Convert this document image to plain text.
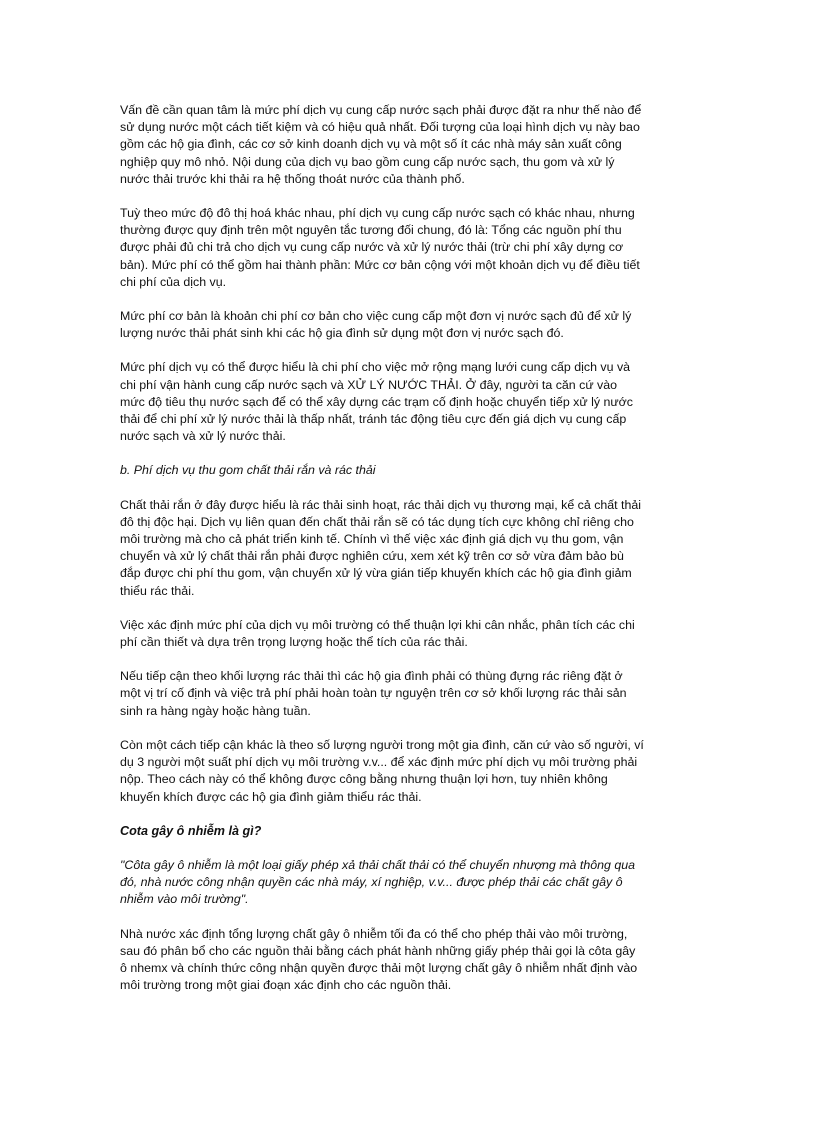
Vấn đề cần quan tâm là mức phí dịch vụ cung cấp nước sạch phải được đặt ra như thế nào để
sử dụng nước một cách tiết kiệm và có hiệu quả nhất. Đối tượng của loại hình dịch vụ này bao
gồm các hộ gia đình, các cơ sở kinh doanh dịch vụ và một số ít các nhà máy sản xuất công
nghiệp quy mô nhỏ. Nội dung của dịch vụ bao gồm cung cấp nước sạch, thu gom và xử lý
nước thải trước khi thải ra hệ thống thoát nước của thành phố.

Tuỳ theo mức độ đô thị hoá khác nhau, phí dịch vụ cung cấp nước sạch có khác nhau, nhưng
thường được quy định trên một nguyên tắc tương đối chung, đó là: Tổng các nguồn phí thu
được phải đủ chi trả cho dịch vụ cung cấp nước và xử lý nước thải (trừ chi phí xây dựng cơ
bản). Mức phí có thể gồm hai thành phần: Mức cơ bản cộng với một khoản dịch vụ để điều tiết
chi phí của dịch vụ.

Mức phí cơ bản là khoản chi phí cơ bản cho việc cung cấp một đơn vị nước sạch đủ để xử lý
lượng nước thải phát sinh khi các hộ gia đình sử dụng một đơn vị nước sạch đó.

Mức phí dịch vụ có thể được hiểu là chi phí cho việc mở rộng mạng lưới cung cấp dịch vụ và
chi phí vận hành cung cấp nước sạch và XỬ LÝ NƯỚC THẢI. Ở đây, người ta căn cứ vào
mức độ tiêu thụ nước sạch để có thể xây dựng các trạm cố định hoặc chuyển tiếp xử lý nước
thải để chi phí xử lý nước thải là thấp nhất, tránh tác động tiêu cực đến giá dịch vụ cung cấp
nước sạch và xử lý nước thải.

b. Phí dịch vụ thu gom chất thải rắn và rác thải

Chất thải rắn ở đây được hiểu là rác thải sinh hoạt, rác thải dịch vụ thương mại, kể cả chất thải
đô thị độc hại. Dịch vụ liên quan đến chất thải rắn sẽ có tác dụng tích cực không chỉ riêng cho
môi trường mà cho cả phát triển kinh tế. Chính vì thế việc xác định giá dịch vụ thu gom, vận
chuyển và xử lý chất thải rắn phải được nghiên cứu, xem xét kỹ trên cơ sở vừa đảm bảo bù
đắp được chi phí thu gom, vận chuyển xử lý vừa gián tiếp khuyến khích các hộ gia đình giảm
thiểu rác thải.

Việc xác định mức phí của dịch vụ môi trường có thể thuận lợi khi cân nhắc, phân tích các chi
phí cần thiết và dựa trên trọng lượng hoặc thể tích của rác thải.

Nếu tiếp cận theo khối lượng rác thải thì các hộ gia đình phải có thùng đựng rác riêng đặt ở
một vị trí cố định và việc trả phí phải hoàn toàn tự nguyện trên cơ sở khối lượng rác thải sản
sinh ra hàng ngày hoặc hàng tuần.

Còn một cách tiếp cận khác là theo số lượng người trong một gia đình, căn cứ vào số người, ví
dụ 3 người một suất phí dịch vụ môi trường v.v... để xác định mức phí dịch vụ môi trường phải
nộp. Theo cách này có thể không được công bằng nhưng thuận lợi hơn, tuy nhiên không
khuyến khích được các hộ gia đình giảm thiểu rác thải.

Cota gây ô nhiễm là gì?

"Côta gây ô nhiễm là một loại giấy phép xả thải chất thải có thể chuyển nhượng mà thông qua
đó, nhà nước công nhận quyền các nhà máy, xí nghiệp, v.v... được phép thải các chất gây ô
nhiễm vào môi trường".

Nhà nước xác định tổng lượng chất gây ô nhiễm tối đa có thể cho phép thải vào môi trường,
sau đó phân bổ cho các nguồn thải bằng cách phát hành những giấy phép thải gọi là côta gây
ô nhemx và chính thức công nhận quyền được thải một lượng chất gây ô nhiễm nhất định vào
môi trường trong một giai đoạn xác định cho các nguồn thải.
